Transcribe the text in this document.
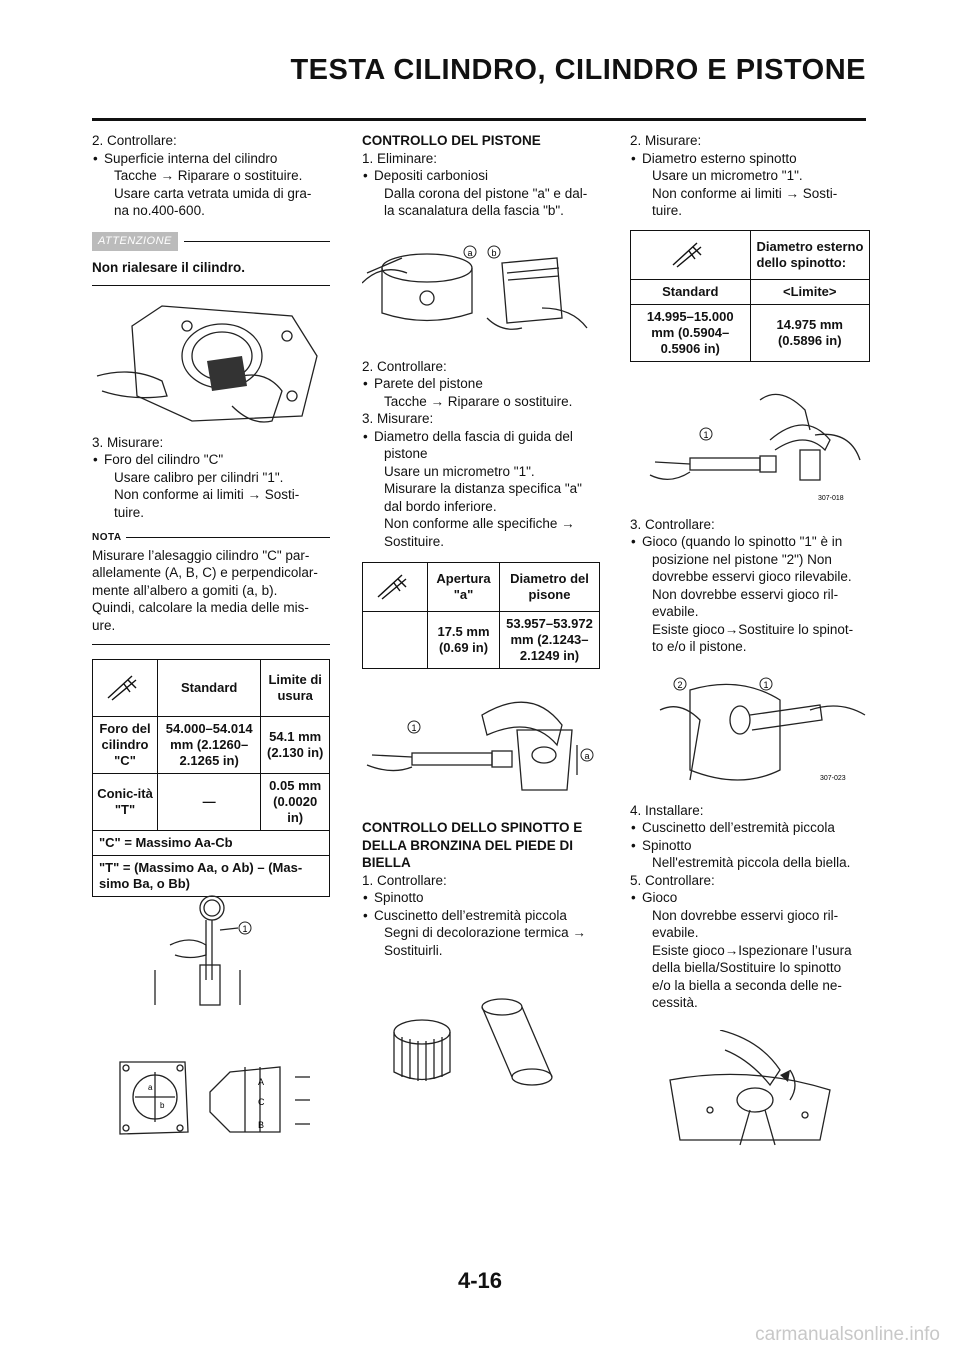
TESTA CILINDRO, CILINDRO E PISTONE

2. Controllare:

• Superficie interna del cilindro

Tacche → Riparare o sostituire.

Usare carta vetrata umida di gra-

na no.400-600.

ATTENZIONE

Non rialesare il cilindro.

3. Misurare:

• Foro del cilindro "C"

Usare calibro per cilindri "1".

Non conforme ai limiti → Sosti-

tuire.

NOTA

Misurare l’alesaggio cilindro "C" par-

allelamente (A, B, C) e perpendicolar-

mente all’albero a gomiti (a, b).

Quindi, calcolare la media delle mis-

ure.

	Standard	Limite di usura
Foro del cilindro "C"	54.000–54.014 mm (2.1260–2.1265 in)	54.1 mm (2.130 in)
Conic-ità "T"	—	0.05 mm (0.0020 in)
"C" = Massimo Aa-Cb		
"T" = (Massimo Aa, o Ab) – (Mas-simo Ba, o Bb)		
1
a
b
A
C
B

CONTROLLO DEL PISTONE

1. Eliminare:

• Depositi carboniosi

Dalla corona del pistone "a" e dal-

la scanalatura della fascia "b".

a b

2. Controllare:

• Parete del pistone

Tacche → Riparare o sostituire.

3. Misurare:

• Diametro della fascia di guida del

pistone

Usare un micrometro "1".

Misurare la distanza specifica "a"

dal bordo inferiore.

Non conforme alle specifiche →

Sostituire.

	Apertura "a"	Diametro del pisone
	17.5 mm (0.69 in)	53.957–53.972 mm (2.1243–2.1249 in)
1
a

CONTROLLO DELLO SPINOTTO E

DELLA BRONZINA DEL PIEDE DI

BIELLA

1. Controllare:

• Spinotto

• Cuscinetto dell’estremità piccola

Segni di decolorazione termica →

Sostituirli.

2. Misurare:

• Diametro esterno spinotto

Usare un micrometro "1".

Non conforme ai limiti → Sosti-

tuire.

	Diametro esterno dello spinotto:
Standard	<Limite>
14.995–15.000 mm (0.5904–0.5906 in)	14.975 mm (0.5896 in)
1
307-018

3. Controllare:

• Gioco (quando lo spinotto "1" è in

posizione nel pistone "2") Non

dovrebbe esservi gioco rilevabile.

Non dovrebbe esservi gioco ril-

evabile.

Esiste gioco→Sostituire lo spinot-

to e/o il pistone.

2	1
307-023

4. Installare:

• Cuscinetto dell’estremità piccola

• Spinotto

Nell'estremità piccola della biella.

5. Controllare:

• Gioco

Non dovrebbe esservi gioco ril-

evabile.

Esiste gioco→Ispezionare l’usura

della biella/Sostituire lo spinotto

e/o la biella a seconda delle ne-

cessità.

4-16
carmanualsonline.info
